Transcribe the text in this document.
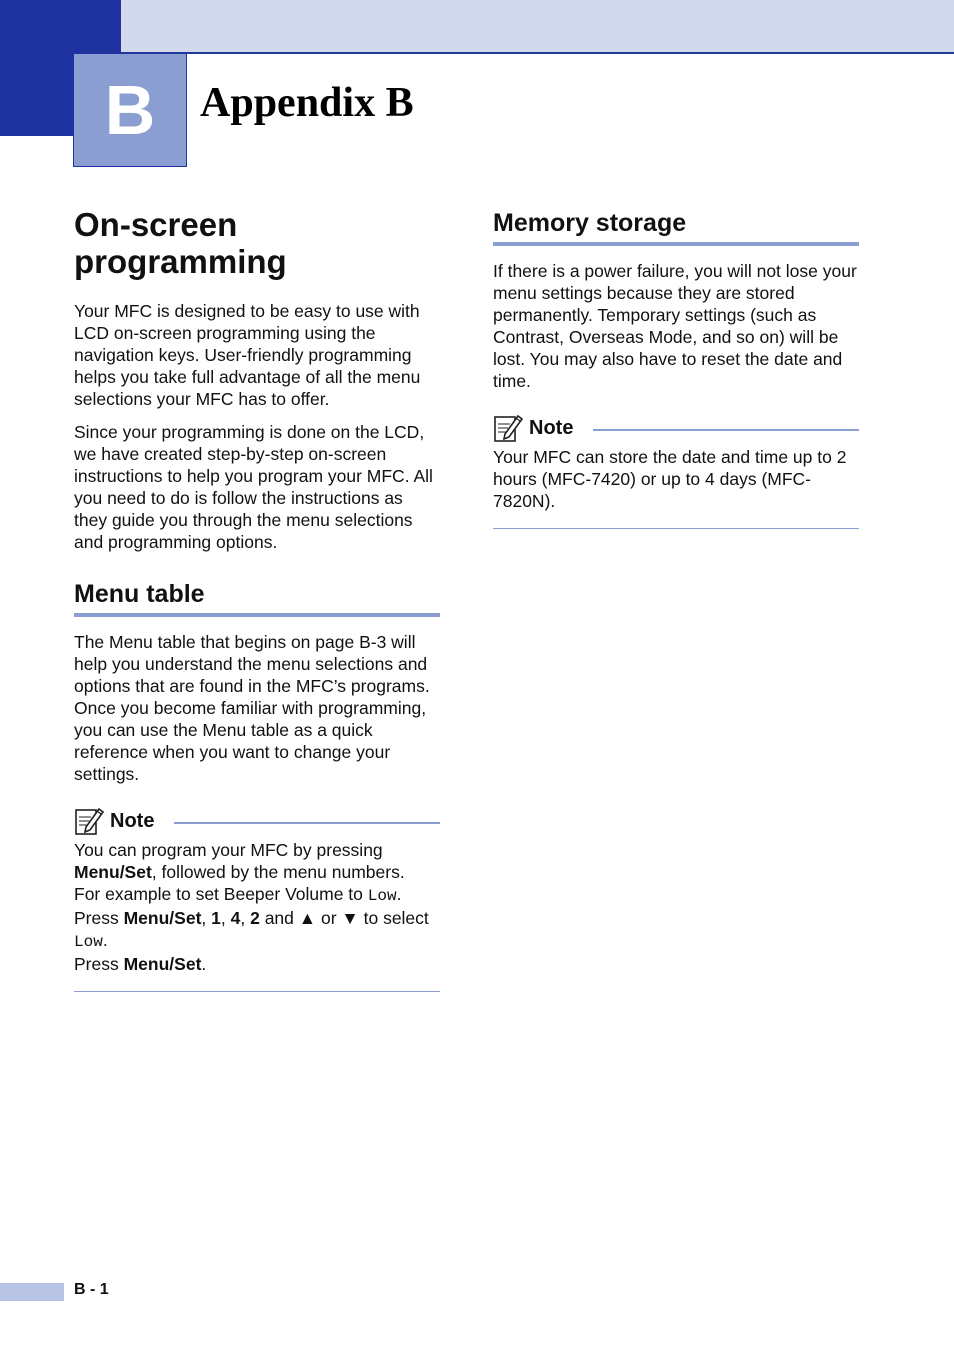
B Appendix B
On-screen
programming

Your MFC is designed to be easy to use with LCD on-screen programming using the navigation keys. User-friendly programming helps you take full advantage of all the menu selections your MFC has to offer.

Since your programming is done on the LCD, we have created step-by-step on-screen instructions to help you program your MFC. All you need to do is follow the instructions as they guide you through the menu selections and programming options.

Menu table

The Menu table that begins on page B-3 will help you understand the menu selections and options that are found in the MFC’s programs. Once you become familiar with programming, you can use the Menu table as a quick reference when you want to change your settings.

Note

You can program your MFC by pressing
Menu/Set, followed by the menu numbers.
For example to set Beeper Volume to Low.
Press Menu/Set, 1, 4, 2 and ▲ or ▼ to select
Low.
Press Menu/Set.

Memory storage

If there is a power failure, you will not lose your menu settings because they are stored permanently. Temporary settings (such as Contrast, Overseas Mode, and so on) will be lost. You may also have to reset the date and time.

Note

Your MFC can store the date and time up to 2 hours (MFC-7420) or up to 4 days (MFC-7820N).

B - 1
